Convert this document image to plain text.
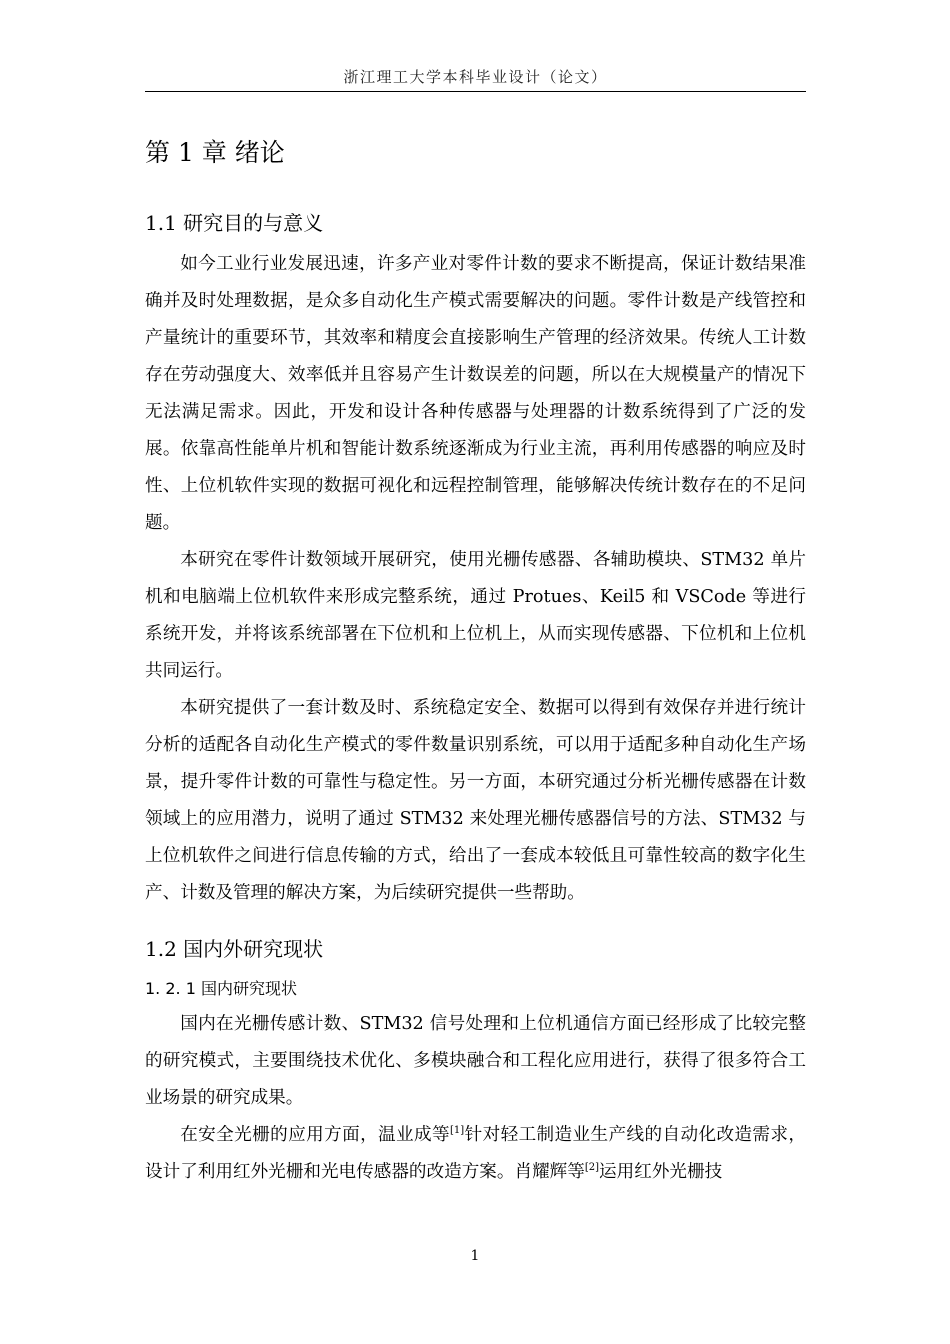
浙江理工大学本科毕业设计（论文）
第 1 章 绪论
1.1 研究目的与意义

如今工业行业发展迅速，许多产业对零件计数的要求不断提高，保证计数结果准确并及时处理数据，是众多自动化生产模式需要解决的问题。零件计数是产线管控和产量统计的重要环节，其效率和精度会直接影响生产管理的经济效果。传统人工计数存在劳动强度大、效率低并且容易产生计数误差的问题，所以在大规模量产的情况下无法满足需求。因此，开发和设计各种传感器与处理器的计数系统得到了广泛的发展。依靠高性能单片机和智能计数系统逐渐成为行业主流，再利用传感器的响应及时性、上位机软件实现的数据可视化和远程控制管理，能够解决传统计数存在的不足问题。

本研究在零件计数领域开展研究，使用光栅传感器、各辅助模块、STM32 单片机和电脑端上位机软件来形成完整系统，通过 Protues、Keil5 和 VSCode 等进行系统开发，并将该系统部署在下位机和上位机上，从而实现传感器、下位机和上位机共同运行。

本研究提供了一套计数及时、系统稳定安全、数据可以得到有效保存并进行统计分析的适配各自动化生产模式的零件数量识别系统，可以用于适配多种自动化生产场景，提升零件计数的可靠性与稳定性。另一方面，本研究通过分析光栅传感器在计数领域上的应用潜力，说明了通过 STM32 来处理光栅传感器信号的方法、STM32 与上位机软件之间进行信息传输的方式，给出了一套成本较低且可靠性较高的数字化生产、计数及管理的解决方案，为后续研究提供一些帮助。

1.2 国内外研究现状
1. 2. 1 国内研究现状

国内在光栅传感计数、STM32 信号处理和上位机通信方面已经形成了比较完整的研究模式，主要围绕技术优化、多模块融合和工程化应用进行，获得了很多符合工业场景的研究成果。

在安全光栅的应用方面，温业成等[1]针对轻工制造业生产线的自动化改造需求，设计了利用红外光栅和光电传感器的改造方案。肖耀辉等[2]运用红外光栅技

1
